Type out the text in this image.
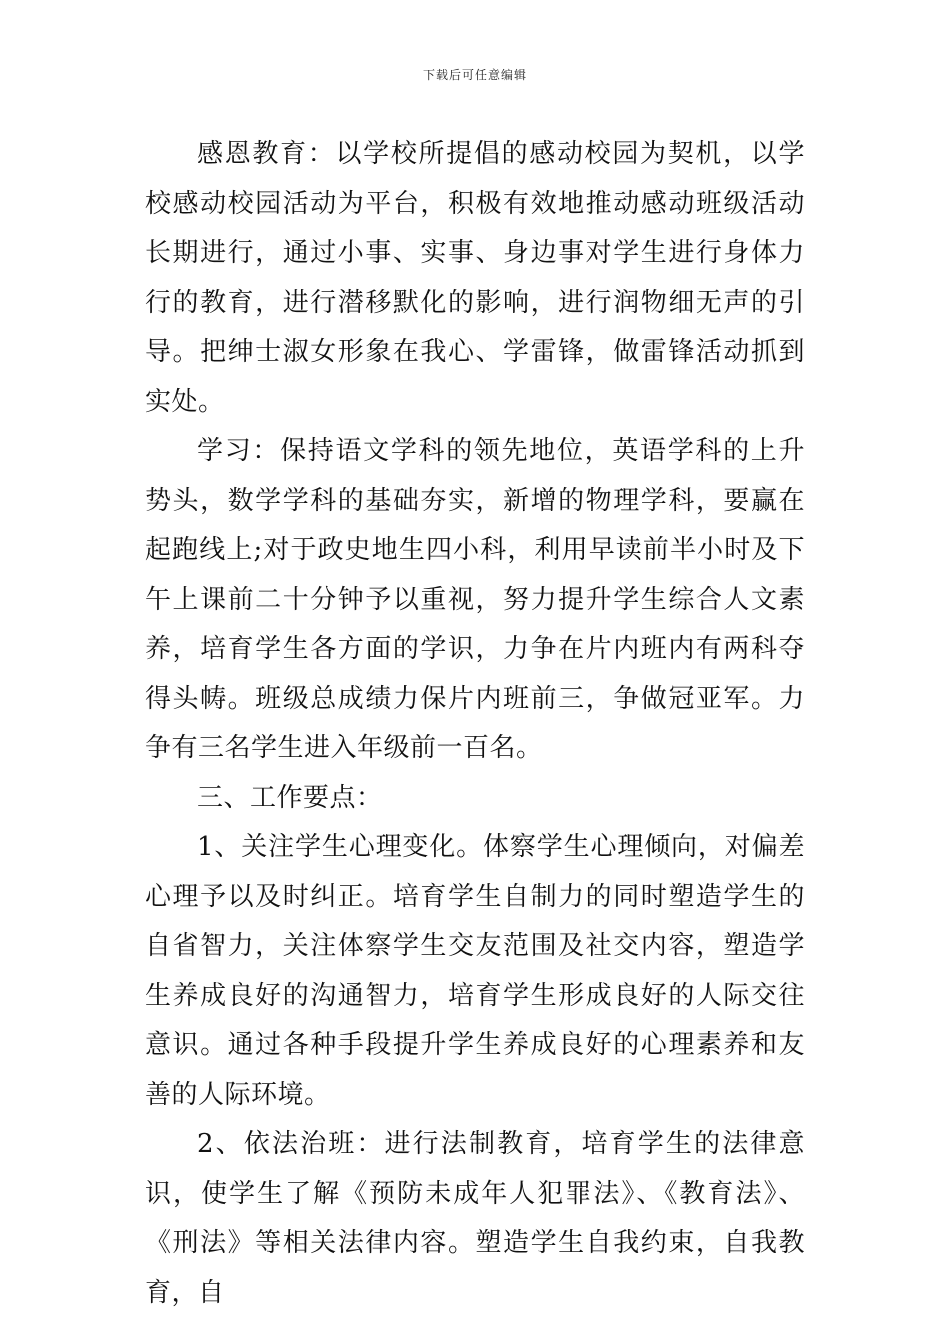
下载后可任意编辑

感恩教育：以学校所提倡的感动校园为契机，以学校感动校园活动为平台，积极有效地推动感动班级活动长期进行，通过小事、实事、身边事对学生进行身体力行的教育，进行潜移默化的影响，进行润物细无声的引导。把绅士淑女形象在我心、学雷锋，做雷锋活动抓到实处。

学习：保持语文学科的领先地位，英语学科的上升势头，数学学科的基础夯实，新增的物理学科，要赢在起跑线上;对于政史地生四小科，利用早读前半小时及下午上课前二十分钟予以重视，努力提升学生综合人文素养，培育学生各方面的学识，力争在片内班内有两科夺得头帱。班级总成绩力保片内班前三，争做冠亚军。力争有三名学生进入年级前一百名。

三、工作要点：

1、关注学生心理变化。体察学生心理倾向，对偏差心理予以及时纠正。培育学生自制力的同时塑造学生的自省智力，关注体察学生交友范围及社交内容，塑造学生养成良好的沟通智力，培育学生形成良好的人际交往意识。通过各种手段提升学生养成良好的心理素养和友善的人际环境。

2、依法治班：进行法制教育，培育学生的法律意识，使学生了解《预防未成年人犯罪法》、《教育法》、《刑法》等相关法律内容。塑造学生自我约束，自我教育，自
